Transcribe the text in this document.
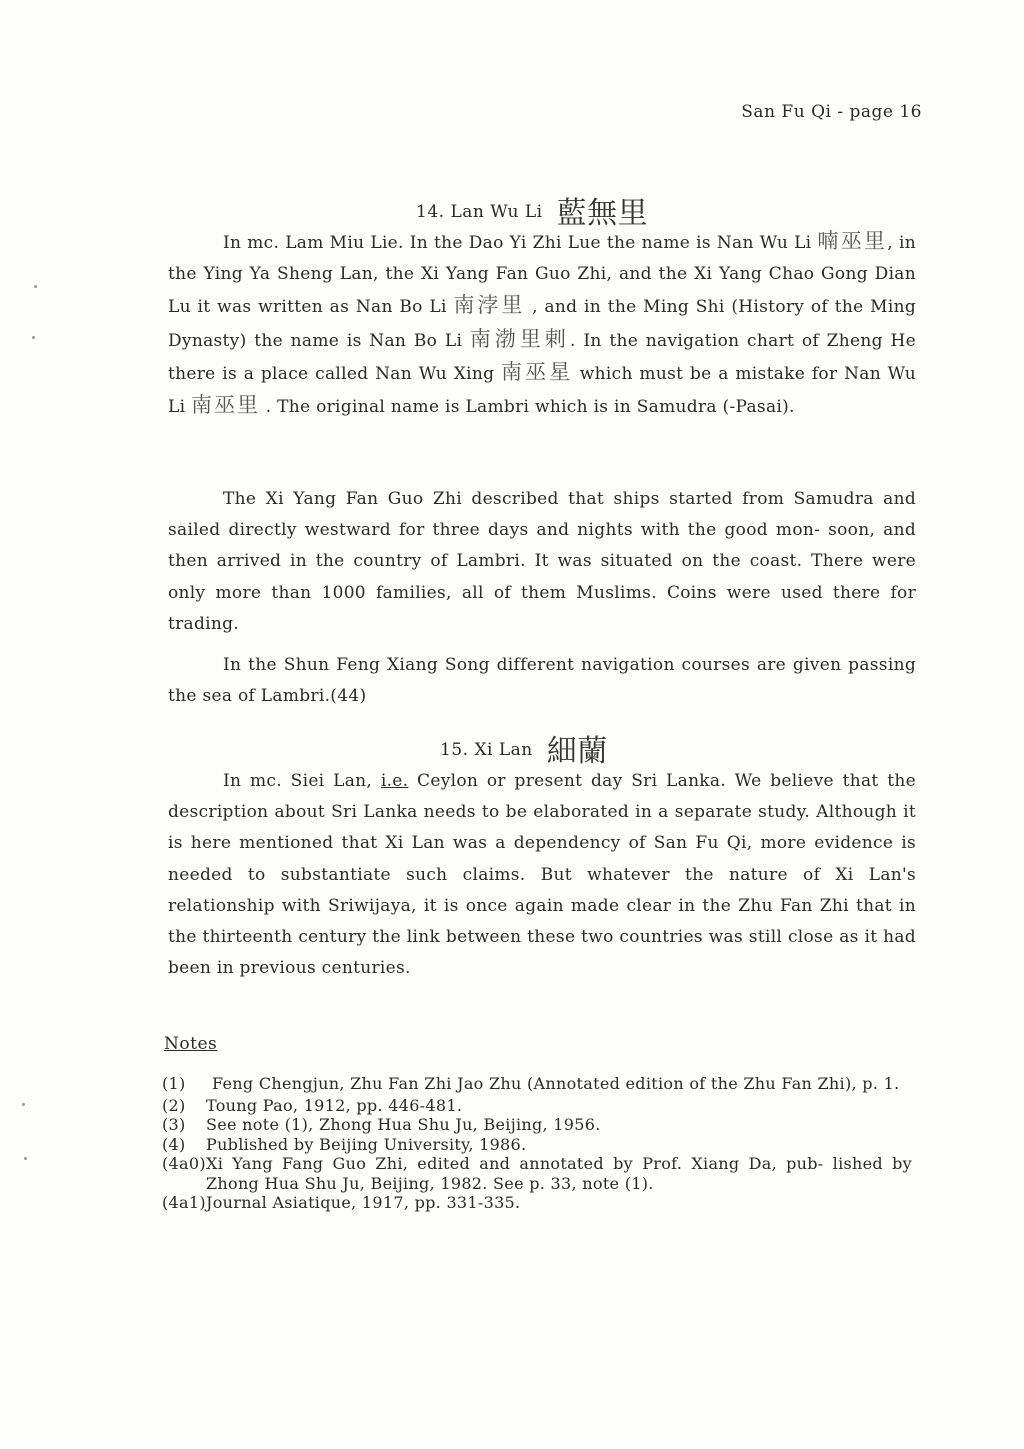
San Fu Qi - page 16
14. Lan Wu Li 藍無里
In mc. Lam Miu Lie. In the Dao Yi Zhi Lue the name is Nan Wu Li 喃巫里, in the Ying Ya Sheng Lan, the Xi Yang Fan Guo Zhi, and the Xi Yang Chao Gong Dian Lu it was written as Nan Bo Li 南浡里 , and in the Ming Shi (History of the Ming Dynasty) the name is Nan Bo Li 南渤里剌. In the navigation chart of Zheng He there is a place called Nan Wu Xing 南巫星 which must be a mistake for Nan Wu Li 南巫里 . The original name is Lambri which is in Samudra (-Pasai).
The Xi Yang Fan Guo Zhi described that ships started from Samudra and sailed directly westward for three days and nights with the good mon- soon, and then arrived in the country of Lambri. It was situated on the coast. There were only more than 1000 families, all of them Muslims. Coins were used there for trading.
In the Shun Feng Xiang Song different navigation courses are given passing the sea of Lambri.(44)
15. Xi Lan 細蘭
In mc. Siei Lan, i.e. Ceylon or present day Sri Lanka. We believe that the description about Sri Lanka needs to be elaborated in a separate study. Although it is here mentioned that Xi Lan was a dependency of San Fu Qi, more evidence is needed to substantiate such claims. But whatever the nature of Xi Lan's relationship with Sriwijaya, it is once again made clear in the Zhu Fan Zhi that in the thirteenth century the link between these two countries was still close as it had been in previous centuries.
Notes
(1)	Feng Chengjun, Zhu Fan Zhi Jao Zhu (Annotated edition of the Zhu Fan Zhi), p. 1.
(2)	Toung Pao, 1912, pp. 446-481.
(3)	See note (1), Zhong Hua Shu Ju, Beijing, 1956.
(4)	Published by Beijing University, 1986.
(4a0) Xi Yang Fang Guo Zhi, edited and annotated by Prof. Xiang Da, pub- lished by Zhong Hua Shu Ju, Beijing, 1982. See p. 33, note (1).
(4a1) Journal Asiatique, 1917, pp. 331-335.
